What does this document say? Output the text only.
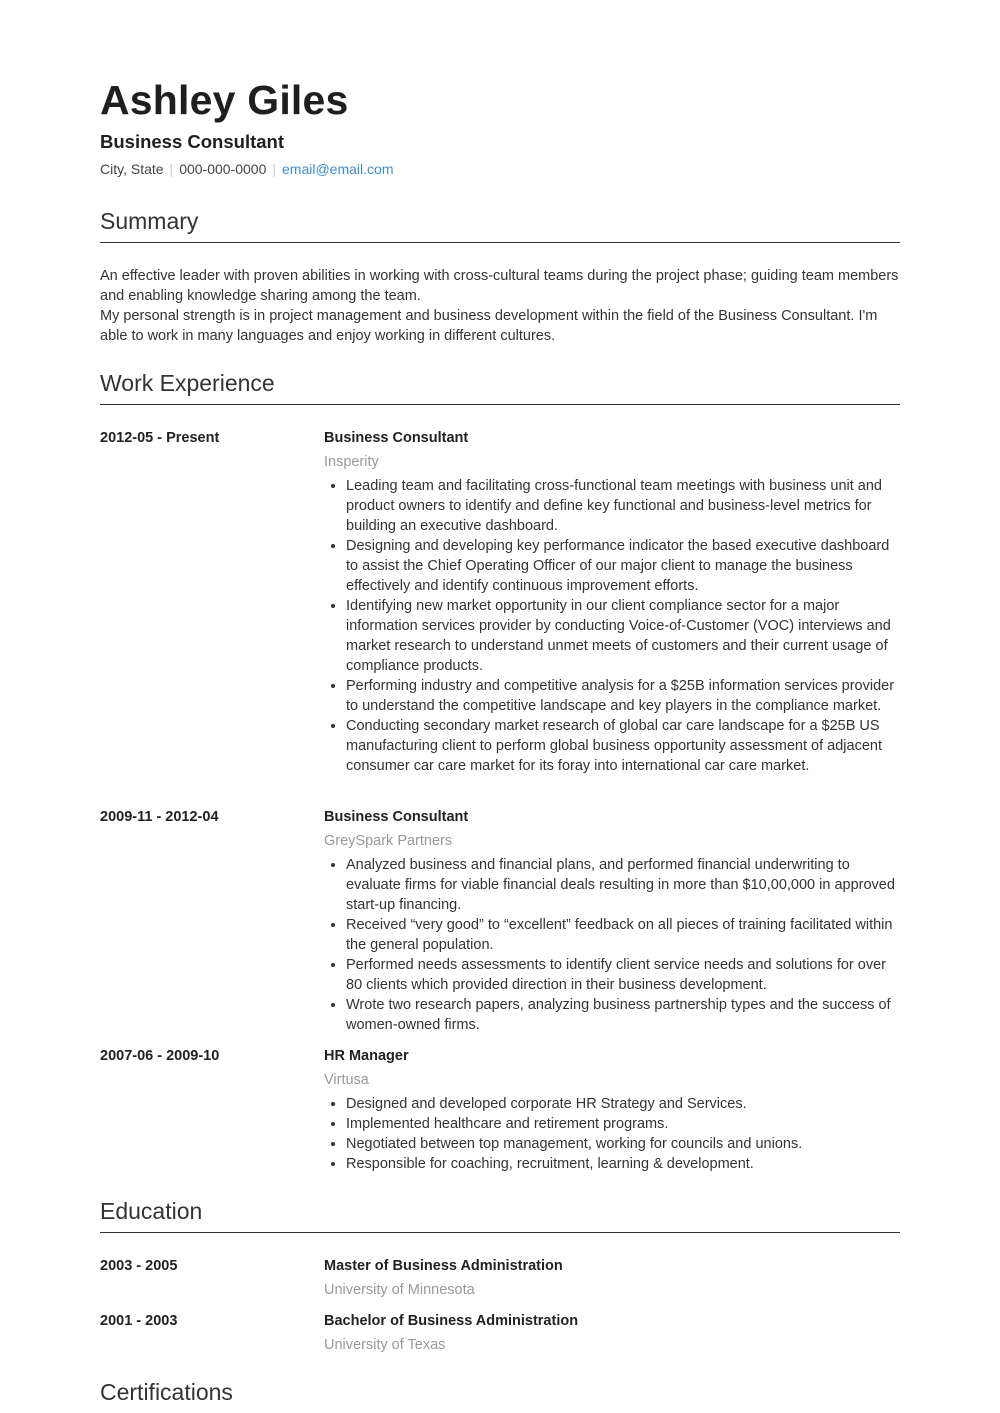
Ashley Giles
Business Consultant
City, State | 000-000-0000 | email@email.com
Summary

An effective leader with proven abilities in working with cross-cultural teams during the project phase; guiding team members and enabling knowledge sharing among the team.

My personal strength is in project management and business development within the field of the Business Consultant. I'm able to work in many languages and enjoy working in different cultures.

Work Experience
2012-05 - Present	Business Consultant
Insperity
• Leading team and facilitating cross-functional team meetings with business unit and product owners to identify and define key functional and business-level metrics for building an executive dashboard.
• Designing and developing key performance indicator the based executive dashboard to assist the Chief Operating Officer of our major client to manage the business effectively and identify continuous improvement efforts.
• Identifying new market opportunity in our client compliance sector for a major information services provider by conducting Voice-of-Customer (VOC) interviews and market research to understand unmet meets of customers and their current usage of compliance products.
• Performing industry and competitive analysis for a $25B information services provider to understand the competitive landscape and key players in the compliance market.
• Conducting secondary market research of global car care landscape for a $25B US manufacturing client to perform global business opportunity assessment of adjacent consumer car care market for its foray into international car care market.
2009-11 - 2012-04	Business Consultant
GreySpark Partners
• Analyzed business and financial plans, and performed financial underwriting to evaluate firms for viable financial deals resulting in more than $10,00,000 in approved start-up financing.
• Received “very good” to “excellent” feedback on all pieces of training facilitated within the general population.
• Performed needs assessments to identify client service needs and solutions for over 80 clients which provided direction in their business development.
• Wrote two research papers, analyzing business partnership types and the success of women-owned firms.
2007-06 - 2009-10	HR Manager
Virtusa
• Designed and developed corporate HR Strategy and Services.
• Implemented healthcare and retirement programs.
• Negotiated between top management, working for councils and unions.
• Responsible for coaching, recruitment, learning & development.
Education
2003 - 2005	Master of Business Administration
University of Minnesota
2001 - 2003	Bachelor of Business Administration
University of Texas
Certifications
